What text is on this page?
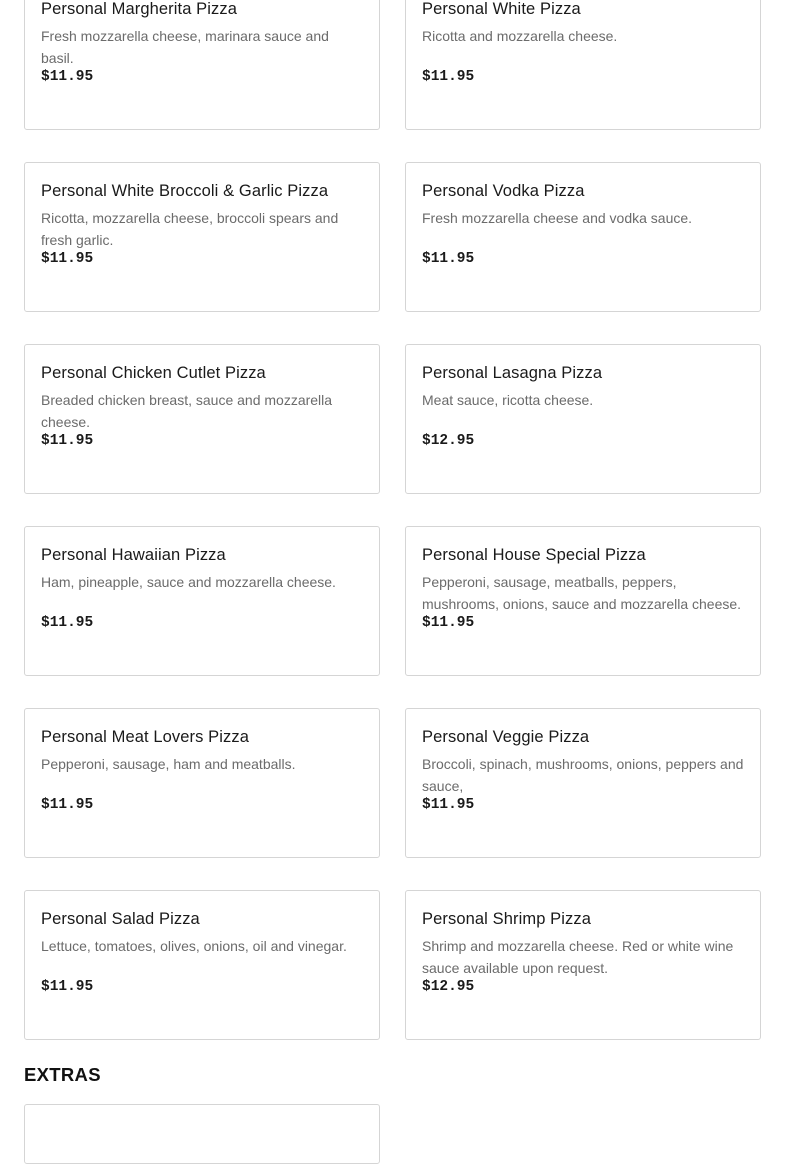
Personal Margherita Pizza
Fresh mozzarella cheese, marinara sauce and basil.
$11.95
Personal White Pizza
Ricotta and mozzarella cheese.
$11.95
Personal White Broccoli & Garlic Pizza
Ricotta, mozzarella cheese, broccoli spears and fresh garlic.
$11.95
Personal Vodka Pizza
Fresh mozzarella cheese and vodka sauce.
$11.95
Personal Chicken Cutlet Pizza
Breaded chicken breast, sauce and mozzarella cheese.
$11.95
Personal Lasagna Pizza
Meat sauce, ricotta cheese.
$12.95
Personal Hawaiian Pizza
Ham, pineapple, sauce and mozzarella cheese.
$11.95
Personal House Special Pizza
Pepperoni, sausage, meatballs, peppers, mushrooms, onions, sauce and mozzarella cheese.
$11.95
Personal Meat Lovers Pizza
Pepperoni, sausage, ham and meatballs.
$11.95
Personal Veggie Pizza
Broccoli, spinach, mushrooms, onions, peppers and sauce,
$11.95
Personal Salad Pizza
Lettuce, tomatoes, olives, onions, oil and vinegar.
$11.95
Personal Shrimp Pizza
Shrimp and mozzarella cheese. Red or white wine sauce available upon request.
$12.95
EXTRAS
